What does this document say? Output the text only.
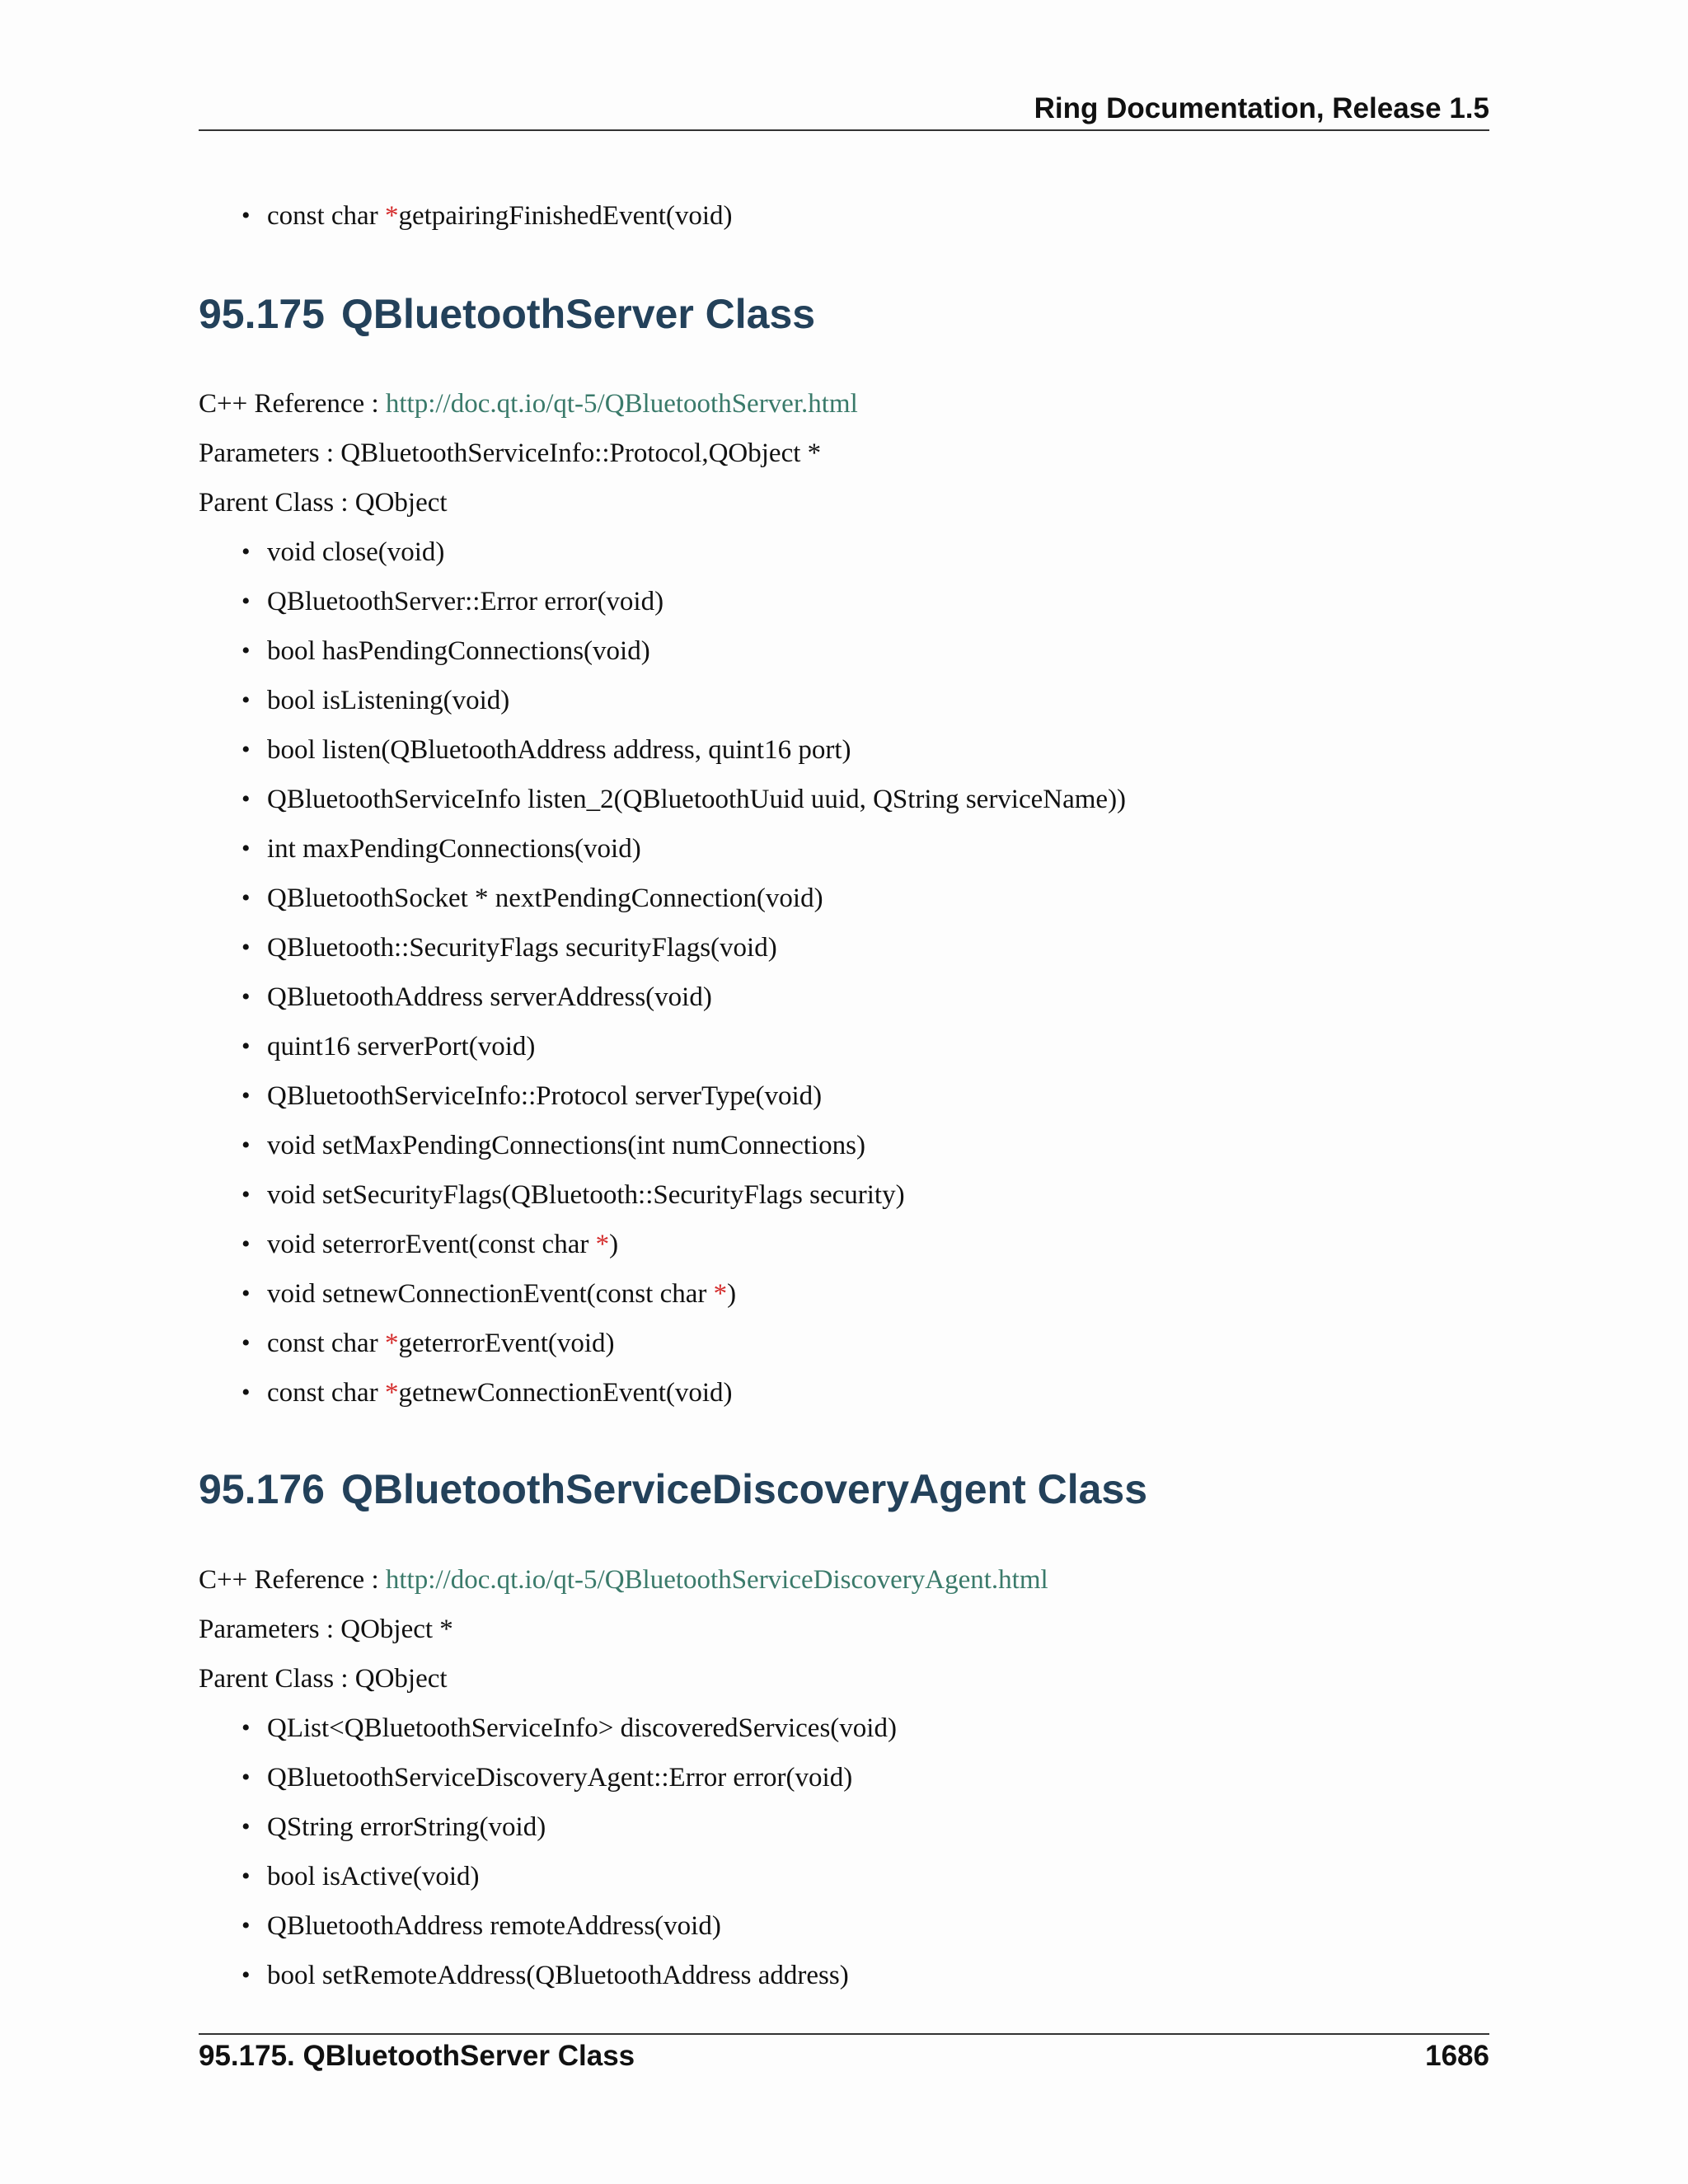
Ring Documentation, Release 1.5
• const char *getpairingFinishedEvent(void)
95.175 QBluetoothServer Class
C++ Reference : http://doc.qt.io/qt-5/QBluetoothServer.html
Parameters : QBluetoothServiceInfo::Protocol,QObject *
Parent Class : QObject
• void close(void)
• QBluetoothServer::Error error(void)
• bool hasPendingConnections(void)
• bool isListening(void)
• bool listen(QBluetoothAddress address, quint16 port)
• QBluetoothServiceInfo listen_2(QBluetoothUuid uuid, QString serviceName))
• int maxPendingConnections(void)
• QBluetoothSocket * nextPendingConnection(void)
• QBluetooth::SecurityFlags securityFlags(void)
• QBluetoothAddress serverAddress(void)
• quint16 serverPort(void)
• QBluetoothServiceInfo::Protocol serverType(void)
• void setMaxPendingConnections(int numConnections)
• void setSecurityFlags(QBluetooth::SecurityFlags security)
• void seterrorEvent(const char *)
• void setnewConnectionEvent(const char *)
• const char *geterrorEvent(void)
• const char *getnewConnectionEvent(void)
95.176 QBluetoothServiceDiscoveryAgent Class
C++ Reference : http://doc.qt.io/qt-5/QBluetoothServiceDiscoveryAgent.html
Parameters : QObject *
Parent Class : QObject
• QList<QBluetoothServiceInfo> discoveredServices(void)
• QBluetoothServiceDiscoveryAgent::Error error(void)
• QString errorString(void)
• bool isActive(void)
• QBluetoothAddress remoteAddress(void)
• bool setRemoteAddress(QBluetoothAddress address)
95.175. QBluetoothServer Class	1686
